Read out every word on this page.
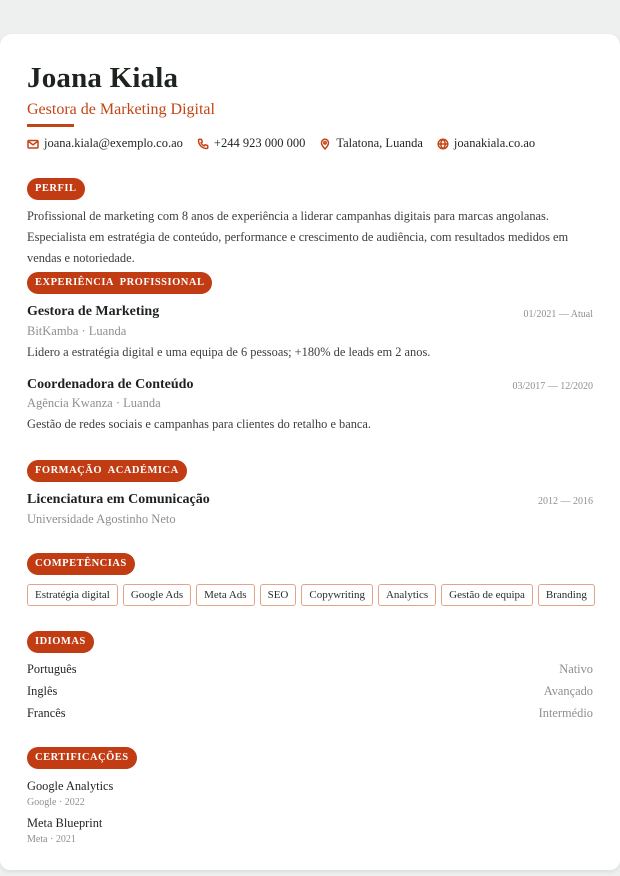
Joana Kiala
Gestora de Marketing Digital
joana.kiala@exemplo.co.ao +244 923 000 000 Talatona, Luanda joanakiala.co.ao
PERFIL
Profissional de marketing com 8 anos de experiência a liderar campanhas digitais para marcas angolanas. Especialista em estratégia de conteúdo, performance e crescimento de audiência, com resultados medidos em vendas e notoriedade.
EXPERIÊNCIA  PROFISSIONAL
Gestora de Marketing	01/2021 — Atual
BitKamba · Luanda
Lidero a estratégia digital e uma equipa de 6 pessoas; +180% de leads em 2 anos.
Coordenadora de Conteúdo	03/2017 — 12/2020
Agência Kwanza · Luanda
Gestão de redes sociais e campanhas para clientes do retalho e banca.
FORMAÇÃO  ACADÉMICA
Licenciatura em Comunicação	2012 — 2016
Universidade Agostinho Neto
COMPETÊNCIAS
Estratégia digital	Google Ads	Meta Ads	SEO	Copywriting	Analytics	Gestão de equipa	Branding
IDIOMAS
Português	Nativo
Inglês	Avançado
Francês	Intermédio
CERTIFICAÇÕES
Google Analytics
Google · 2022
Meta Blueprint
Meta · 2021
